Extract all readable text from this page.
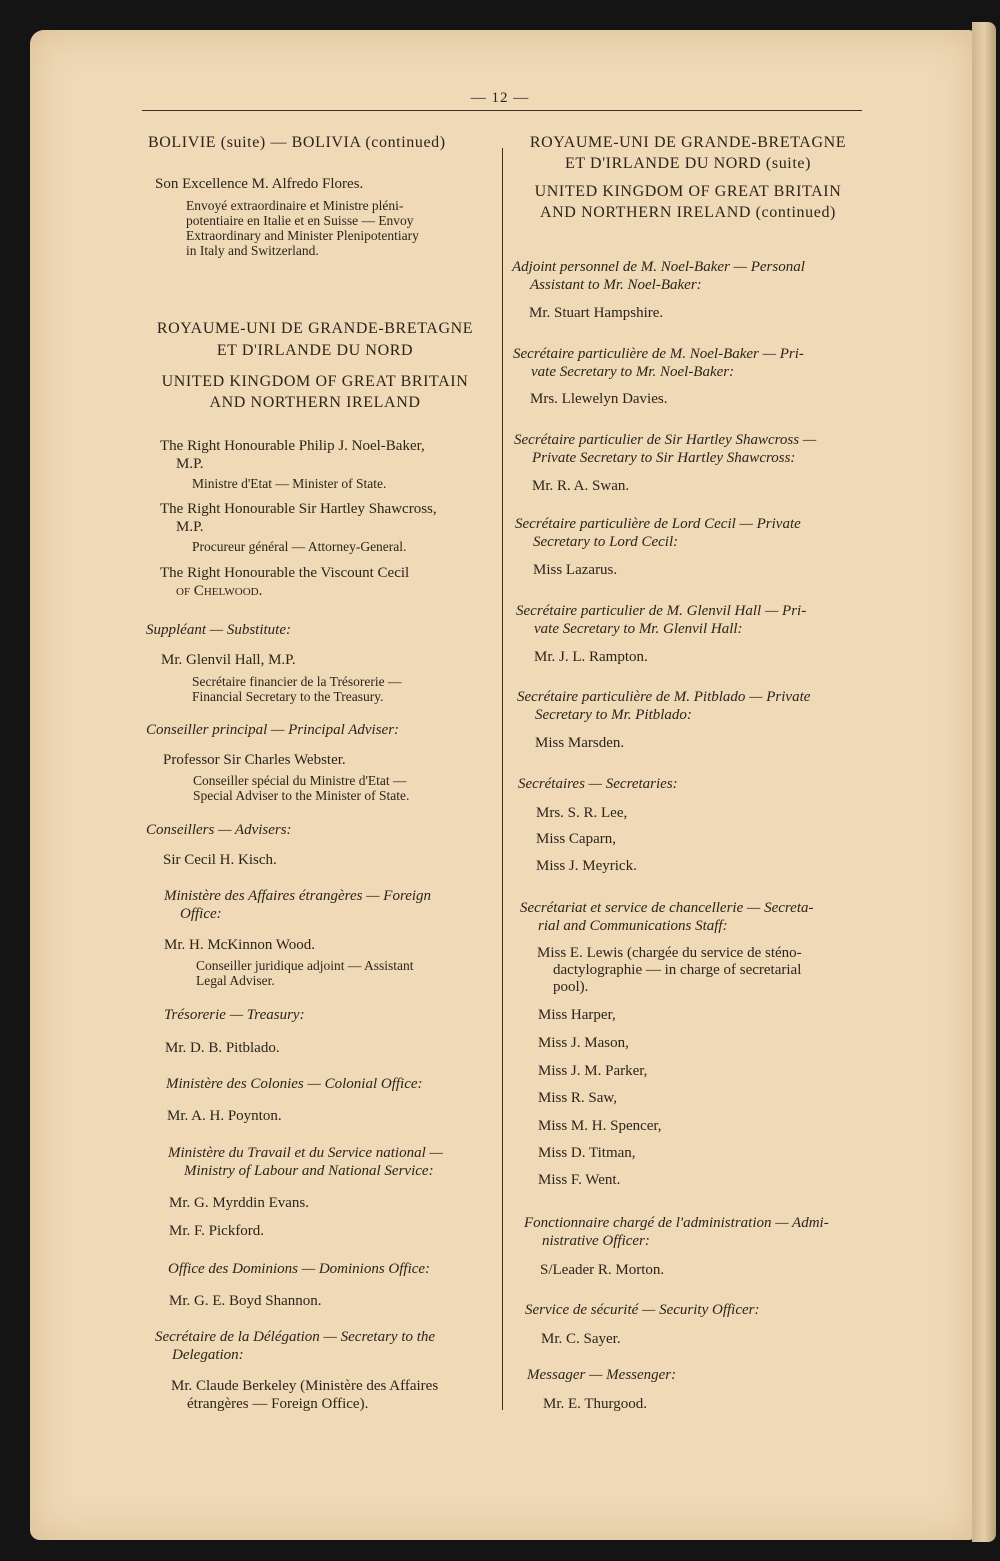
— 12 —
BOLIVIE (suite) — BOLIVIA (continued)
Son Excellence M. Alfredo Flores.
Envoyé extraordinaire et Ministre pléni-
potentiaire en Italie et en Suisse — Envoy
Extraordinary and Minister Plenipotentiary
in Italy and Switzerland.
ROYAUME-UNI DE GRANDE-BRETAGNE
ET D'IRLANDE DU NORD
UNITED KINGDOM OF GREAT BRITAIN
AND NORTHERN IRELAND
The Right Honourable Philip J. Noel-Baker,
M.P.
Ministre d'Etat — Minister of State.
The Right Honourable Sir Hartley Shawcross,
M.P.
Procureur général — Attorney-General.
The Right Honourable the Viscount Cecil
of Chelwood.
Suppléant — Substitute:
Mr. Glenvil Hall, M.P.
Secrétaire financier de la Trésorerie —
Financial Secretary to the Treasury.
Conseiller principal — Principal Adviser:
Professor Sir Charles Webster.
Conseiller spécial du Ministre d'Etat —
Special Adviser to the Minister of State.
Conseillers — Advisers:
Sir Cecil H. Kisch.
Ministère des Affaires étrangères — Foreign
Office:
Mr. H. McKinnon Wood.
Conseiller juridique adjoint — Assistant
Legal Adviser.
Trésorerie — Treasury:
Mr. D. B. Pitblado.
Ministère des Colonies — Colonial Office:
Mr. A. H. Poynton.
Ministère du Travail et du Service national —
Ministry of Labour and National Service:
Mr. G. Myrddin Evans.
Mr. F. Pickford.
Office des Dominions — Dominions Office:
Mr. G. E. Boyd Shannon.
Secrétaire de la Délégation — Secretary to the
Delegation:
Mr. Claude Berkeley (Ministère des Affaires
étrangères — Foreign Office).
ROYAUME-UNI DE GRANDE-BRETAGNE
ET D'IRLANDE DU NORD (suite)
UNITED KINGDOM OF GREAT BRITAIN
AND NORTHERN IRELAND (continued)
Adjoint personnel de M. Noel-Baker — Personal
Assistant to Mr. Noel-Baker:
Mr. Stuart Hampshire.
Secrétaire particulière de M. Noel-Baker — Pri-
vate Secretary to Mr. Noel-Baker:
Mrs. Llewelyn Davies.
Secrétaire particulier de Sir Hartley Shawcross —
Private Secretary to Sir Hartley Shawcross:
Mr. R. A. Swan.
Secrétaire particulière de Lord Cecil — Private
Secretary to Lord Cecil:
Miss Lazarus.
Secrétaire particulier de M. Glenvil Hall — Pri-
vate Secretary to Mr. Glenvil Hall:
Mr. J. L. Rampton.
Secrétaire particulière de M. Pitblado — Private
Secretary to Mr. Pitblado:
Miss Marsden.
Secrétaires — Secretaries:
Mrs. S. R. Lee,
Miss Caparn,
Miss J. Meyrick.
Secrétariat et service de chancellerie — Secreta-
rial and Communications Staff:
Miss E. Lewis (chargée du service de sténo-
dactylographie — in charge of secretarial
pool).
Miss Harper,
Miss J. Mason,
Miss J. M. Parker,
Miss R. Saw,
Miss M. H. Spencer,
Miss D. Titman,
Miss F. Went.
Fonctionnaire chargé de l'administration — Admi-
nistrative Officer:
S/Leader R. Morton.
Service de sécurité — Security Officer:
Mr. C. Sayer.
Messager — Messenger:
Mr. E. Thurgood.
